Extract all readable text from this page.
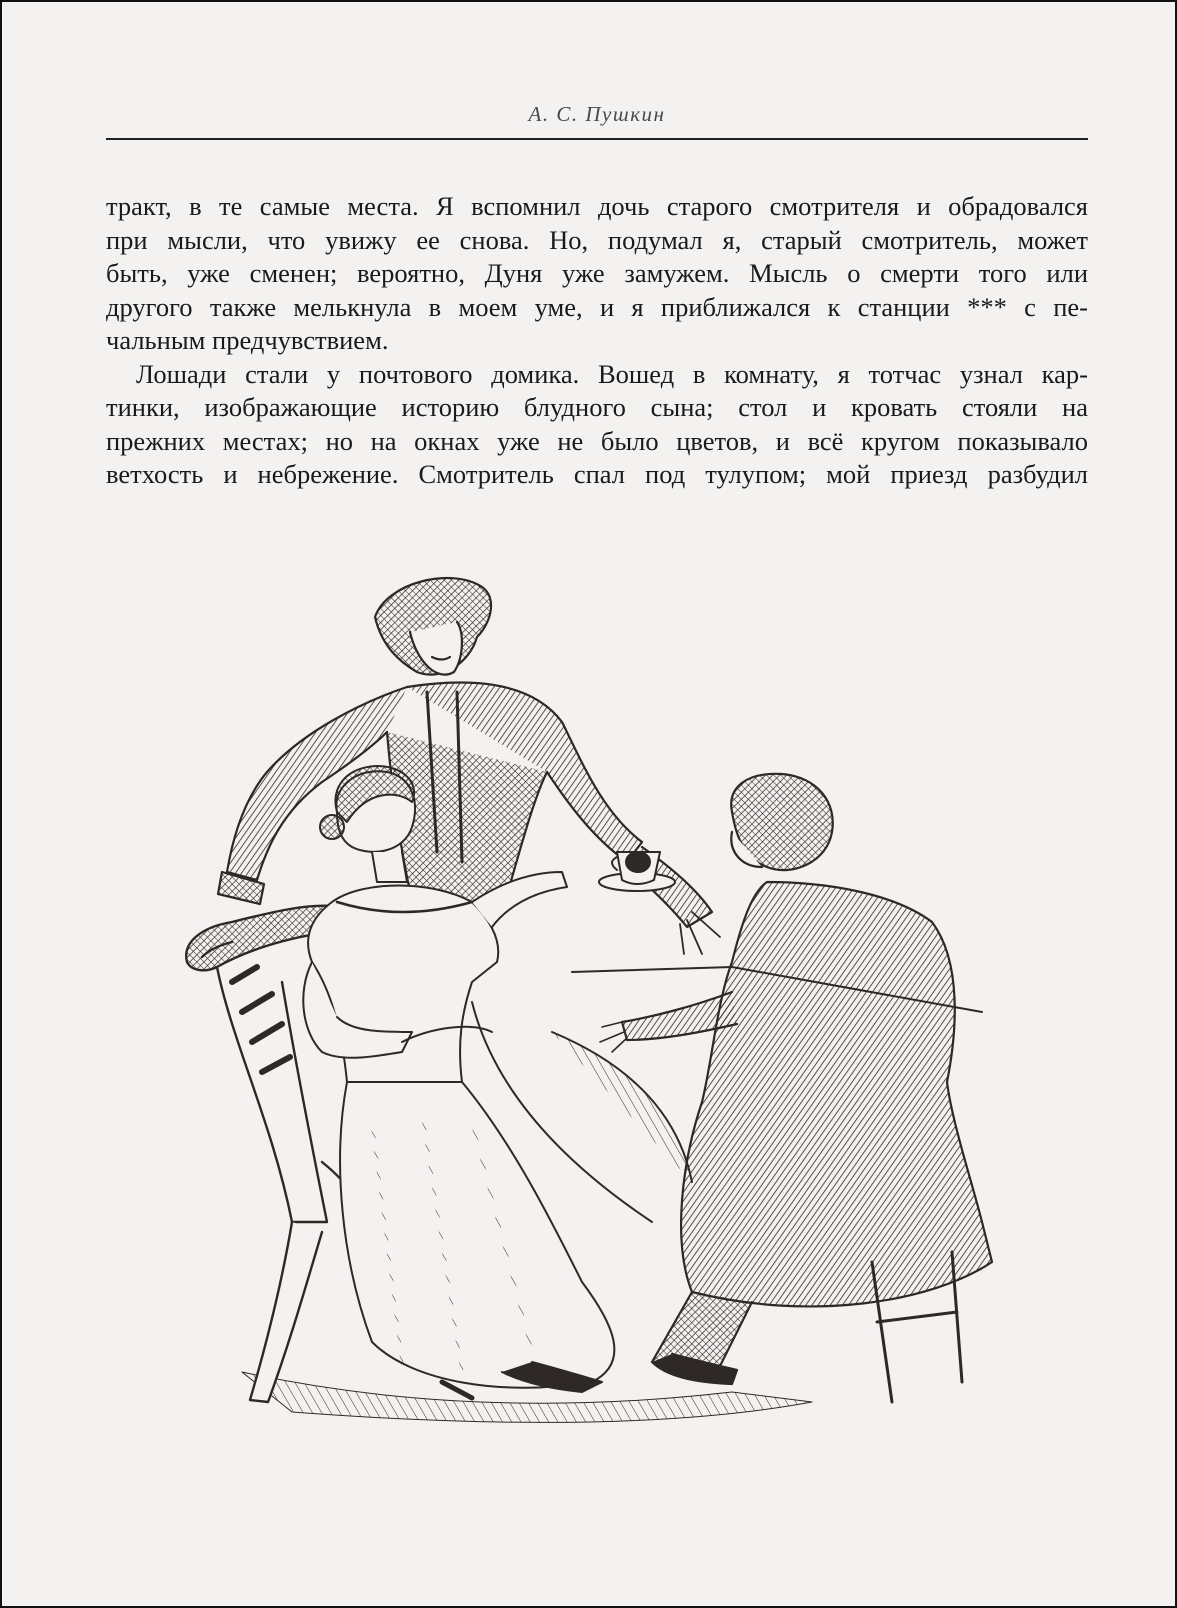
А. С. Пушкин
тракт, в те самые места. Я вспомнил дочь старого смотрителя и обрадовался
при мысли, что увижу ее снова. Но, подумал я, старый смотритель, может
быть, уже сменен; вероятно, Дуня уже замужем. Мысль о смерти того или
другого также мелькнула в моем уме, и я приближался к станции *** с пе-
чальным предчувствием.
Лошади стали у почтового домика. Вошед в комнату, я тотчас узнал кар-
тинки, изображающие историю блудного сына; стол и кровать стояли на
прежних местах; но на окнах уже не было цветов, и всё кругом показывало
ветхость и небрежение. Смотритель спал под тулупом; мой приезд разбудил
